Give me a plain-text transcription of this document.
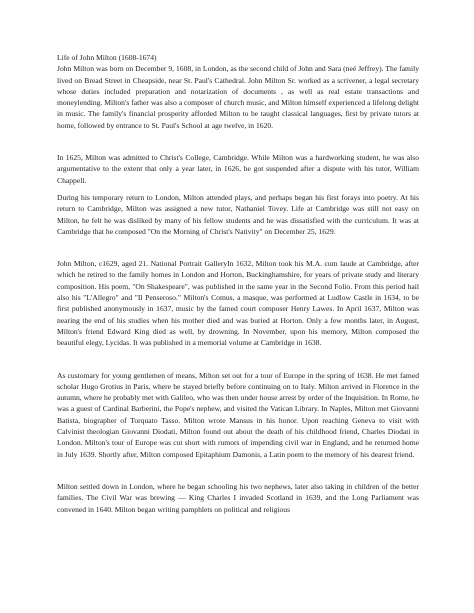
Life of John Milton (1608-1674)

John Milton was born on December 9, 1608, in London, as the second child of John and Sara (neé Jeffrey). The family lived on Bread Street in Cheapside, near St. Paul's Cathedral. John Milton Sr. worked as a scrivener, a legal secretary whose duties included preparation and notarization of documents , as well as real estate transactions and moneylending. Milton's father was also a composer of church music, and Milton himself experienced a lifelong delight in music. The family's financial prosperity afforded Milton to be taught classical languages, first by private tutors at home, followed by entrance to St. Paul's School at age twelve, in 1620.

In 1625, Milton was admitted to Christ's College, Cambridge. While Milton was a hardworking student, he was also argumentative to the extent that only a year later, in 1626, he got suspended after a dispute with his tutor, William Chappell.

During his temporary return to London, Milton attended plays, and perhaps began his first forays into poetry. At his return to Cambridge, Milton was assigned a new tutor, Nathaniel Tovey. Life at Cambridge was still not easy on Milton, he felt he was disliked by many of his fellow students and he was dissatisfied with the curriculum. It was at Cambridge that he composed "On the Morning of Christ's Nativity" on December 25, 1629.

John Milton, c1629, aged 21. National Portrait GalleryIn 1632, Milton took his M.A. cum laude at Cambridge, after which he retired to the family homes in London and Horton, Buckinghamshire, for years of private study and literary composition. His poem, "On Shakespeare", was published in the same year in the Second Folio. From this period hail also his "L'Allegro" and "Il Penseroso." Milton's Comus, a masque, was performed at Ludlow Castle in 1634, to be first published anonymously in 1637, music by the famed court composer Henry Lawes. In April 1637, Milton was nearing the end of his studies when his mother died and was buried at Horton. Only a few months later, in August, Milton's friend Edward King died as well, by drowning. In November, upon his memory, Milton composed the beautiful elegy, Lycidas. It was published in a memorial volume at Cambridge in 1638.

As customary for young gentlemen of means, Milton set out for a tour of Europe in the spring of 1638. He met famed scholar Hugo Grotius in Paris, where he stayed briefly before continuing on to Italy. Milton arrived in Florence in the autumn, where he probably met with Galileo, who was then under house arrest by order of the Inquisition. In Rome, he was a guest of Cardinal Barberini, the Pope's nephew, and visited the Vatican Library. In Naples, Milton met Giovanni Batista, biographer of Torquato Tasso. Milton wrote Mansus in his honor. Upon reaching Geneva to visit with Calvinist theologian Giovanni Diodati, Milton found out about the death of his childhood friend, Charles Diodati in London. Milton's tour of Europe was cut short with rumors of impending civil war in England, and he returned home in July 1639. Shortly after, Milton composed Epitaphium Damonis, a Latin poem to the memory of his dearest friend.

Milton settled down in London, where he began schooling his two nephews, later also taking in children of the better families. The Civil War was brewing — King Charles I invaded Scotland in 1639, and the Long Parliament was convened in 1640. Milton began writing pamphlets on political and religious
